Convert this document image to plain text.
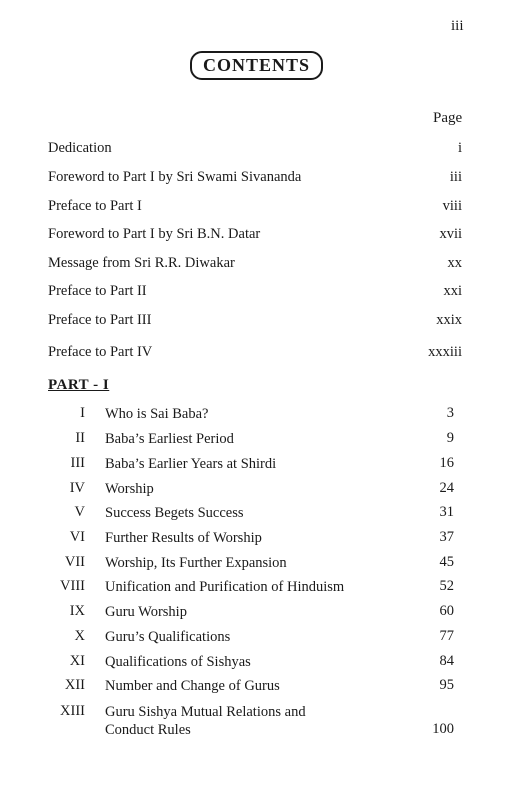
iii
CONTENTS
Page
Dedication	i
Foreword to Part I by Sri Swami Sivananda	iii
Preface to Part I	viii
Foreword to Part I by Sri B.N. Datar	xvii
Message from Sri R.R. Diwakar	xx
Preface to Part II	xxi
Preface to Part III	xxix
Preface to Part IV	xxxiii
PART - I
I Who is Sai Baba?	3
II Baba’s Earliest Period	9
III Baba’s Earlier Years at Shirdi	16
IV Worship	24
V Success Begets Success	31
VI Further Results of Worship	37
VII Worship, Its Further Expansion	45
VIII Unification and Purification of Hinduism	52
IX Guru Worship	60
X Guru’s Qualifications	77
XI Qualifications of Sishyas	84
XII Number and Change of Gurus	95
XIII Guru Sishya Mutual Relations and
Conduct Rules	100
